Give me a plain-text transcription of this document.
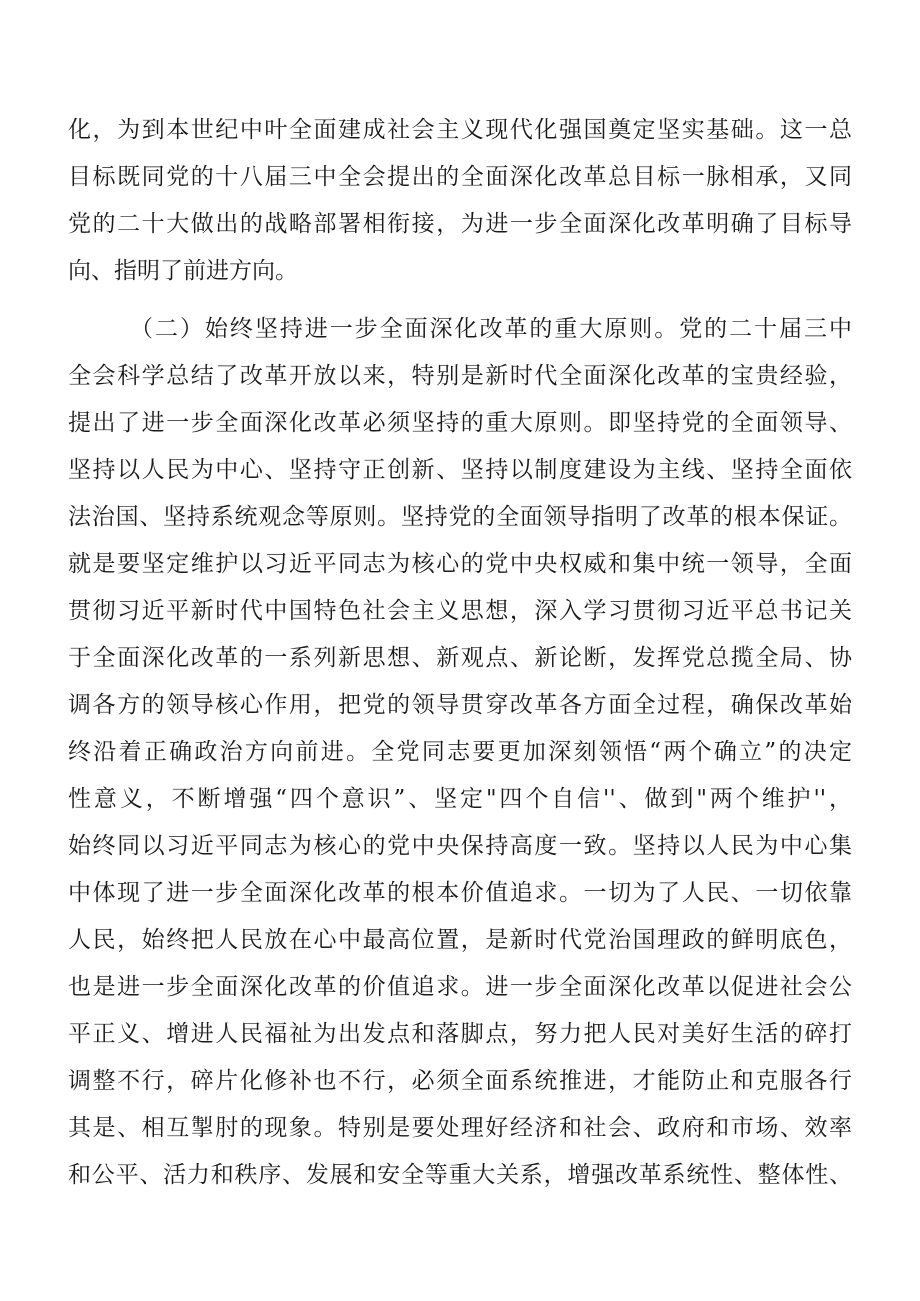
化，为到本世纪中叶全面建成社会主义现代化强国奠定坚实基础。这一总
目标既同党的十八届三中全会提出的全面深化改革总目标一脉相承，又同
党的二十大做出的战略部署相衔接，为进一步全面深化改革明确了目标导
向、指明了前进方向。
（二）始终坚持进一步全面深化改革的重大原则。党的二十届三中
全会科学总结了改革开放以来，特别是新时代全面深化改革的宝贵经验，
提出了进一步全面深化改革必须坚持的重大原则。即坚持党的全面领导、
坚持以人民为中心、坚持守正创新、坚持以制度建设为主线、坚持全面依
法治国、坚持系统观念等原则。坚持党的全面领导指明了改革的根本保证。
就是要坚定维护以习近平同志为核心的党中央权威和集中统一领导，全面
贯彻习近平新时代中国特色社会主义思想，深入学习贯彻习近平总书记关
于全面深化改革的一系列新思想、新观点、新论断，发挥党总揽全局、协
调各方的领导核心作用，把党的领导贯穿改革各方面全过程，确保改革始
终沿着正确政治方向前进。全党同志要更加深刻领悟“两个确立”的决定
性意义，不断增强“四个意识”、坚定"四个自信''、做到"两个维护''，
始终同以习近平同志为核心的党中央保持高度一致。坚持以人民为中心集
中体现了进一步全面深化改革的根本价值追求。一切为了人民、一切依靠
人民，始终把人民放在心中最高位置，是新时代党治国理政的鲜明底色，
也是进一步全面深化改革的价值追求。进一步全面深化改革以促进社会公
平正义、增进人民福祉为出发点和落脚点，努力把人民对美好生活的碎打
调整不行，碎片化修补也不行，必须全面系统推进，才能防止和克服各行
其是、相互掣肘的现象。特别是要处理好经济和社会、政府和市场、效率
和公平、活力和秩序、发展和安全等重大关系，增强改革系统性、整体性、
